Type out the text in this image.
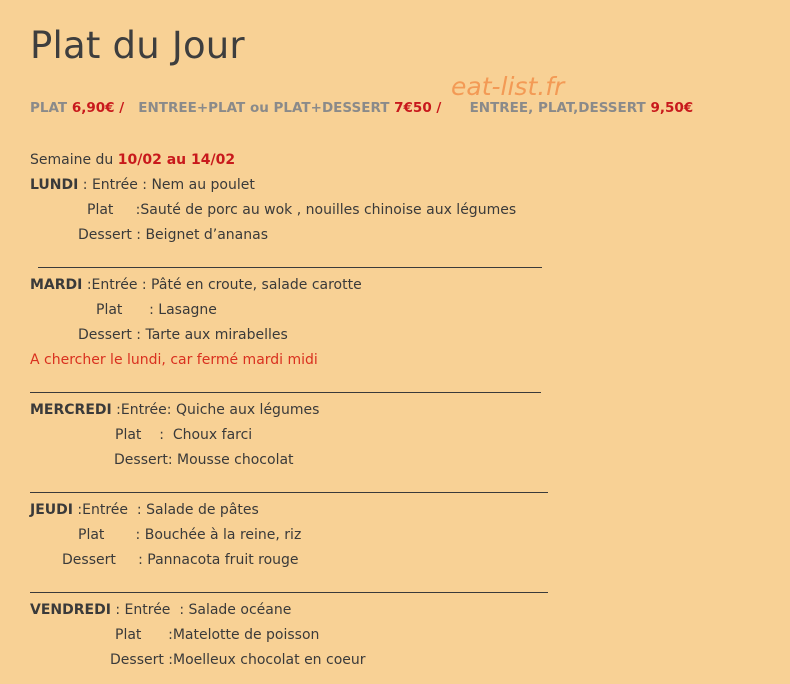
Plat du Jour
eat-list.fr
PLAT 6,90€ / ENTREE+PLAT ou PLAT+DESSERT 7€50 / ENTREE, PLAT,DESSERT 9,50€
Semaine du 10/02 au 14/02
LUNDI : Entrée : Nem au poulet
Plat     :Sauté de porc au wok , nouilles chinoise aux légumes
Dessert : Beignet d’ananas
MARDI :Entrée : Pâté en croute, salade carotte
Plat      : Lasagne
Dessert : Tarte aux mirabelles
A chercher le lundi, car fermé mardi midi
MERCREDI :Entrée: Quiche aux légumes
Plat    :  Choux farci
Dessert: Mousse chocolat
JEUDI :Entrée  : Salade de pâtes
Plat       : Bouchée à la reine, riz
Dessert     : Pannacota fruit rouge
VENDREDI : Entrée  : Salade océane
Plat      :Matelotte de poisson
Dessert :Moelleux chocolat en coeur
